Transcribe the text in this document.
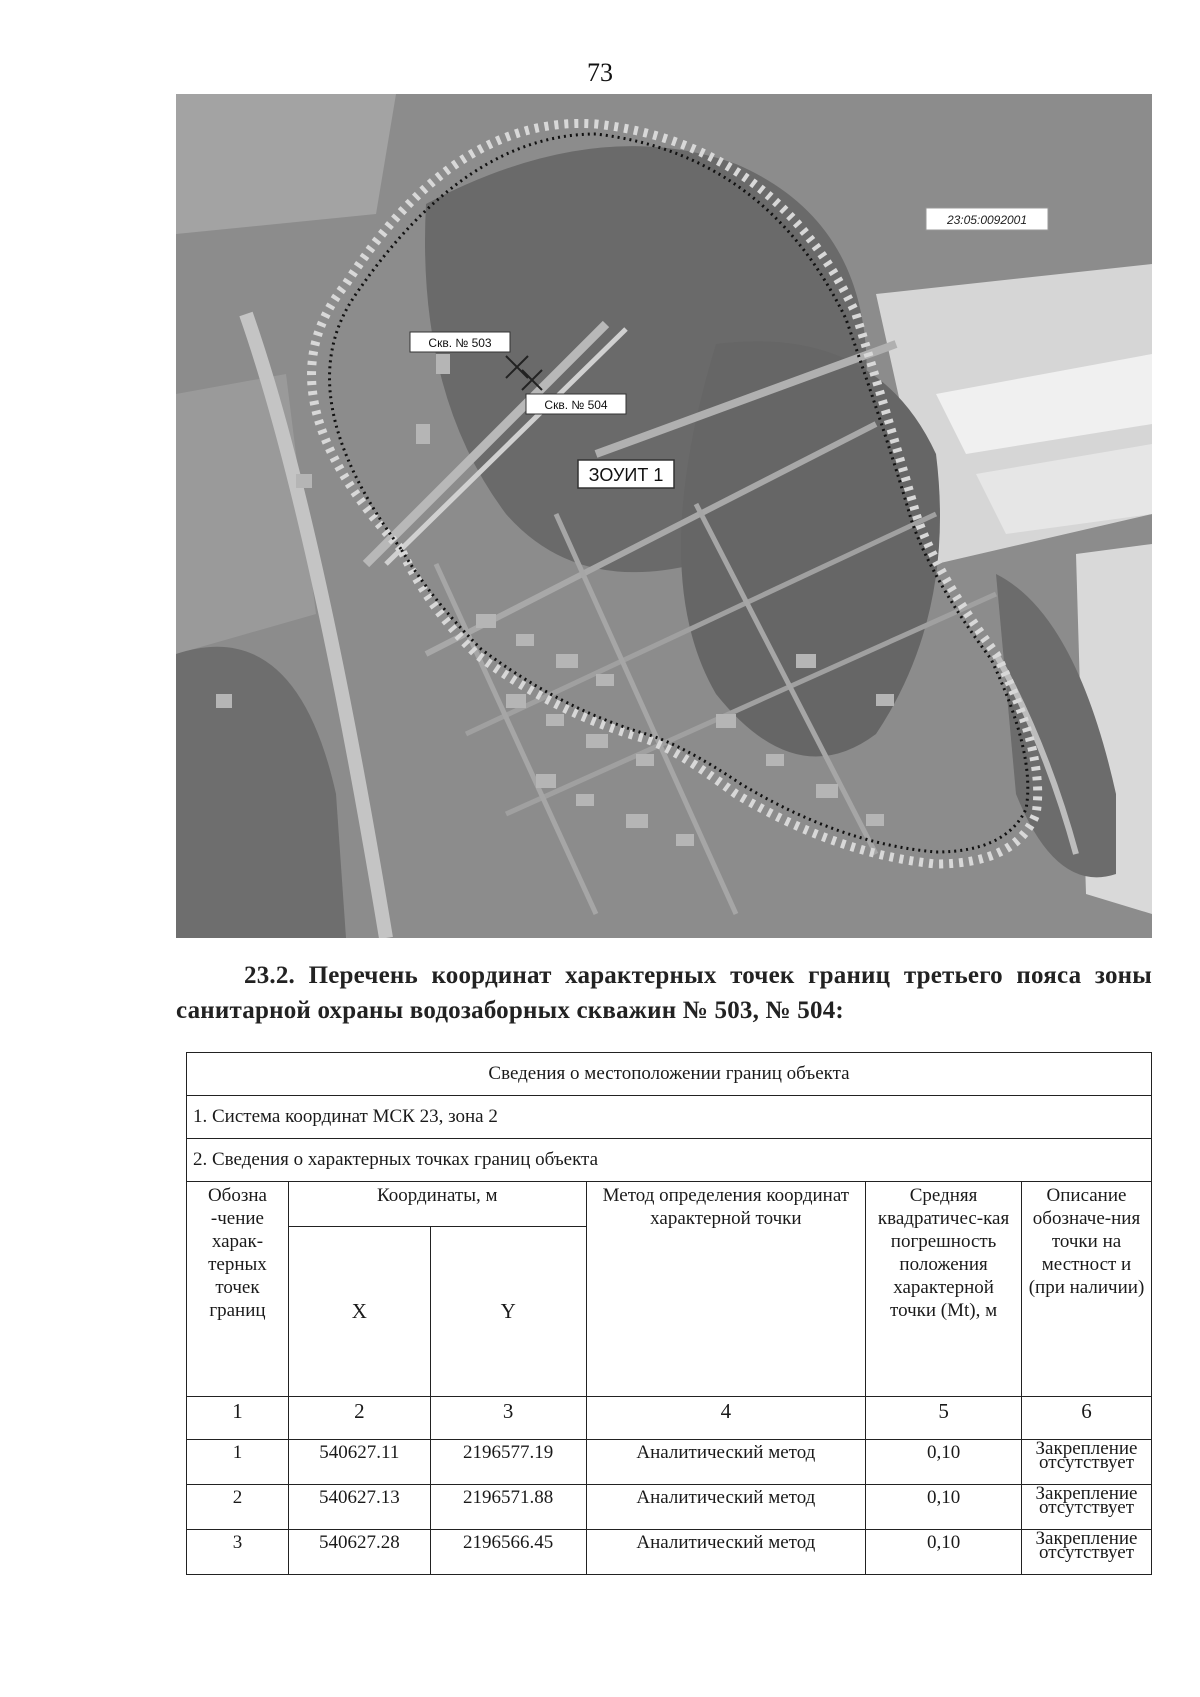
73
Скв. № 503
Скв. № 504
ЗОУИТ 1
23:05:0092001
23.2. Перечень координат характерных точек границ третьего пояса зоны
санитарной охраны водозаборных скважин № 503, № 504:
Сведения о местоположении границ объекта					
1. Система координат МСК 23, зона 2					
2. Сведения о характерных точках границ объекта					
Обозна -чение харак-терных точек границ	Координаты, м		Метод определения координат характерной точки	Средняя квадратичес-кая погрешность положения характерной точки (Mt), м	Описание обозначе-ния точки на местност и (при наличии)
	X	Y			
1	2	3	4	5	6
1	540627.11	2196577.19	Аналитический метод	0,10	Закрепление отсутствует
2	540627.13	2196571.88	Аналитический метод	0,10	Закрепление отсутствует
3	540627.28	2196566.45	Аналитический метод	0,10	Закрепление отсутствует
